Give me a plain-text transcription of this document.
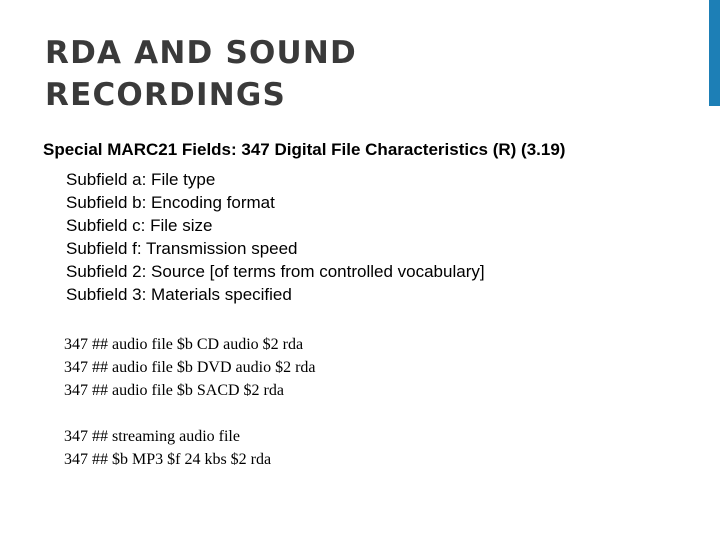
RDA AND SOUND
RECORDINGS
Special MARC21 Fields: 347 Digital File Characteristics (R) (3.19)
Subfield a: File type
Subfield b: Encoding format
Subfield c: File size
Subfield f: Transmission speed
Subfield 2: Source [of terms from controlled vocabulary]
Subfield 3: Materials specified
347 ## audio file $b CD audio $2 rda
347 ## audio file $b DVD audio $2 rda
347 ## audio file $b SACD $2 rda
347 ## streaming audio file
347 ## $b MP3 $f 24 kbs $2 rda
